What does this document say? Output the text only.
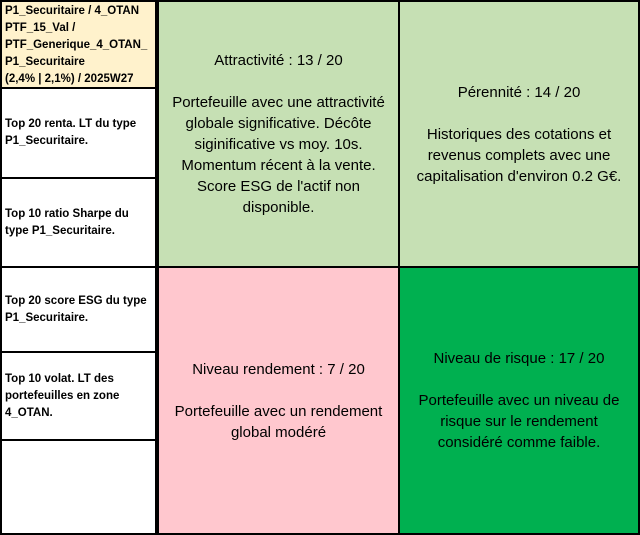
P1_Securitaire / 4_OTAN
PTF_15_Val /
PTF_Generique_4_OTAN_
P1_Securitaire
(2,4% | 2,1%) / 2025W27
Top 20 renta. LT du type
P1_Securitaire.
Top 10 ratio Sharpe du
type P1_Securitaire.
Top 20 score ESG du type
P1_Securitaire.
Top 10 volat. LT des
portefeuilles en zone
4_OTAN.
Attractivité : 13 / 20
Portefeuille avec une attractivité globale significative. Décôte siginificative vs moy. 10s. Momentum récent à la vente. Score ESG de l'actif non disponible.
Pérennité : 14 / 20
Historiques des cotations et revenus complets avec une capitalisation d'environ 0.2 G€.
Niveau rendement : 7 / 20
Portefeuille avec un rendement global modéré
Niveau de risque : 17 / 20
Portefeuille avec un niveau de risque sur le rendement considéré comme faible.
